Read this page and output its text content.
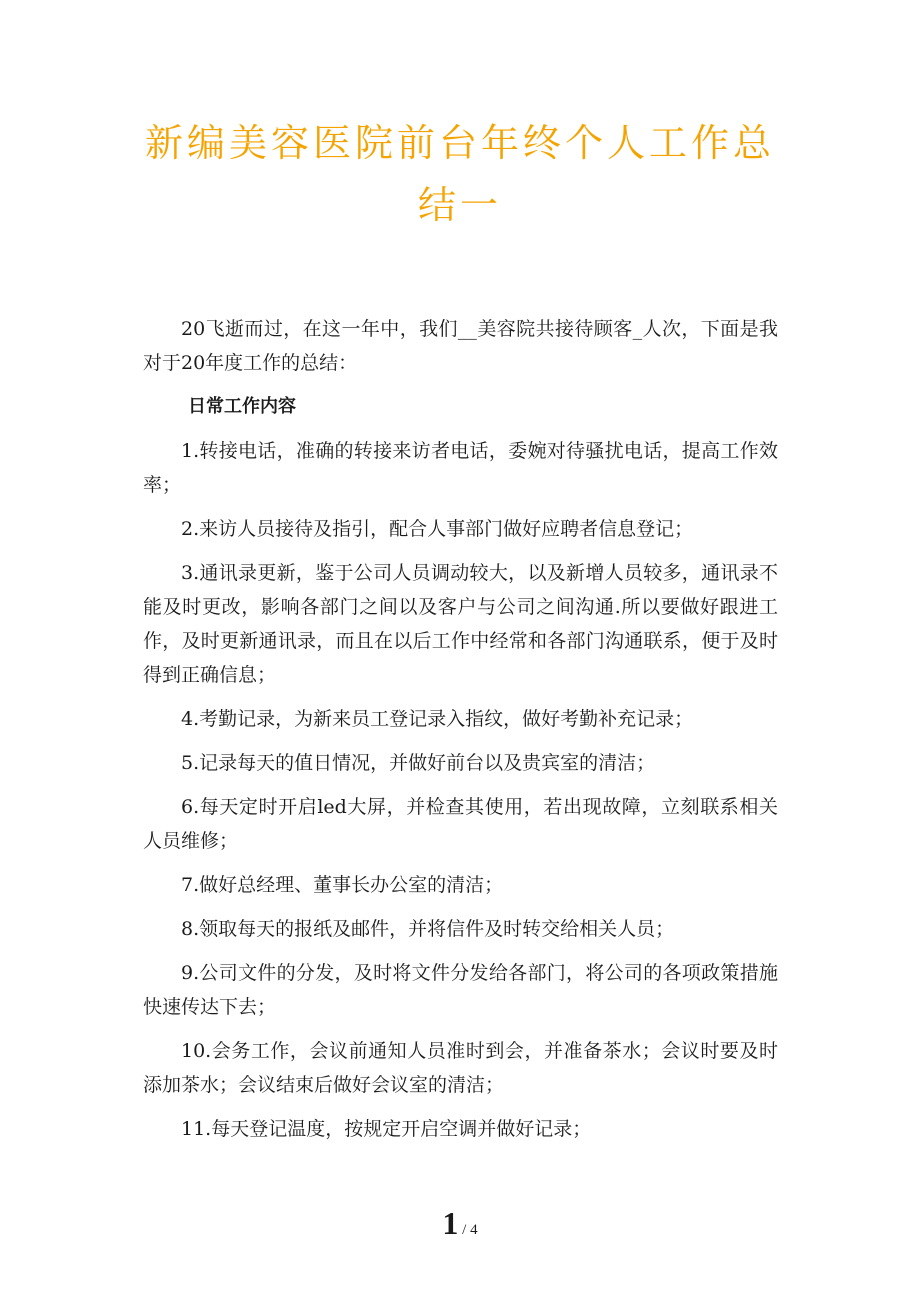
新编美容医院前台年终个人工作总
结一

20飞逝而过，在这一年中，我们__美容院共接待顾客_人次，下面是我对于20年度工作的总结：

日常工作内容

1.转接电话，准确的转接来访者电话，委婉对待骚扰电话，提高工作效率；

2.来访人员接待及指引，配合人事部门做好应聘者信息登记；

3.通讯录更新，鉴于公司人员调动较大，以及新增人员较多，通讯录不能及时更改，影响各部门之间以及客户与公司之间沟通.所以要做好跟进工作，及时更新通讯录，而且在以后工作中经常和各部门沟通联系，便于及时得到正确信息；

4.考勤记录，为新来员工登记录入指纹，做好考勤补充记录；

5.记录每天的值日情况，并做好前台以及贵宾室的清洁；

6.每天定时开启led大屏，并检查其使用，若出现故障，立刻联系相关人员维修；

7.做好总经理、董事长办公室的清洁；

8.领取每天的报纸及邮件，并将信件及时转交给相关人员；

9.公司文件的分发，及时将文件分发给各部门，将公司的各项政策措施快速传达下去；

10.会务工作，会议前通知人员准时到会，并准备茶水；会议时要及时添加茶水；会议结束后做好会议室的清洁；

11.每天登记温度，按规定开启空调并做好记录；

1 / 4
